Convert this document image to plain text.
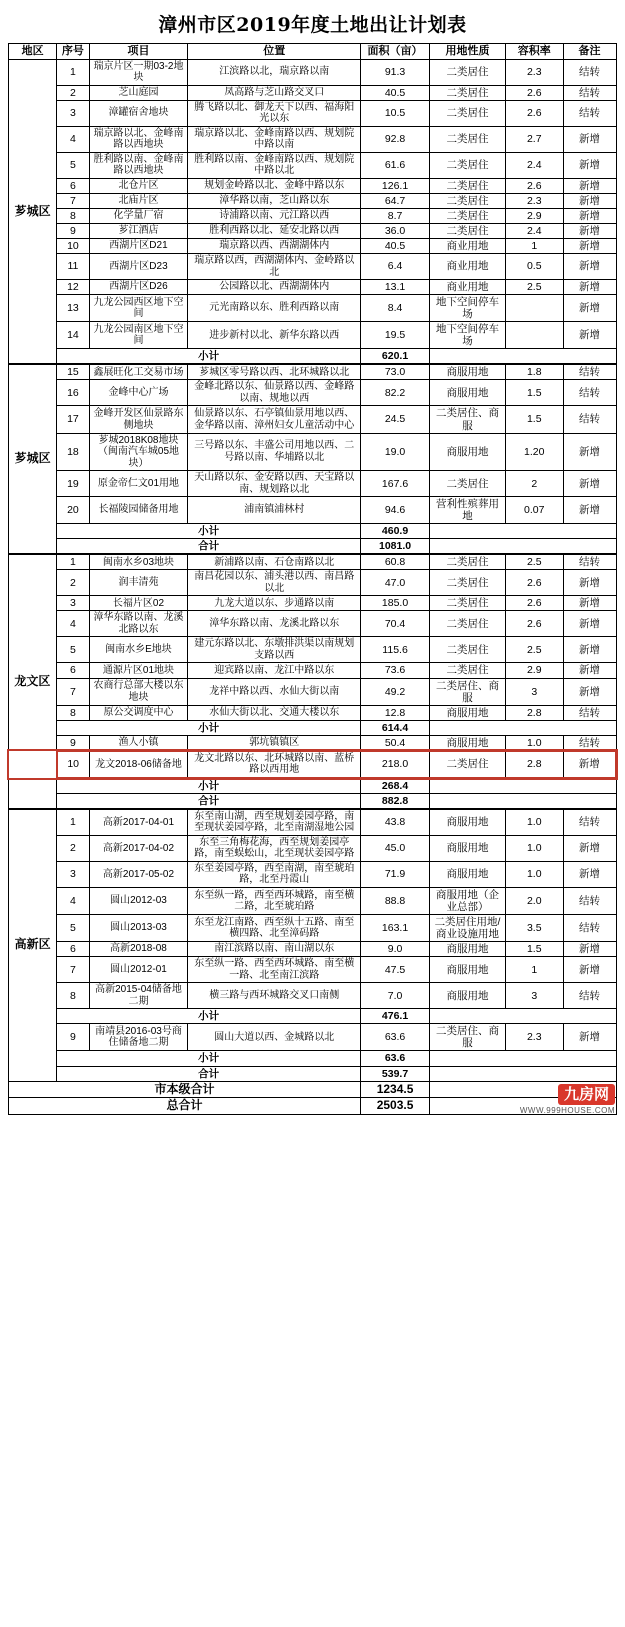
漳州市区2019年度土地出让计划表
地区	序号	项目	位置	面积（亩）	用地性质	容积率	备注
芗城区	1	瑞京片区一期03-2地块	江滨路以北，瑞京路以南	91.3	二类居住	2.3	结转
	2	芝山庭园	凤高路与芝山路交叉口	40.5	二类居住	2.6	结转
	3	漳罐宿舍地块	腾飞路以北、御龙天下以西、福海阳光以东	10.5	二类居住	2.6	结转
	4	瑞京路以北、金峰南路以西地块	瑞京路以北、金峰南路以西、规划院中路以南	92.8	二类居住	2.7	新增
	5	胜利路以南、金峰南路以西地块	胜利路以南、金峰南路以西、规划院中路以北	61.6	二类居住	2.4	新增
	6	北仓片区	规划金岭路以北、金峰中路以东	126.1	二类居住	2.6	新增
	7	北庙片区	漳华路以南，芝山路以东	64.7	二类居住	2.3	新增
	8	化学量厂宿	诗浦路以南、元江路以西	8.7	二类居住	2.9	新增
	9	芗江酒店	胜利西路以北、延安北路以西	36.0	二类居住	2.4	新增
	10	西湖片区D21	瑞京路以西、西湖湖体内	40.5	商业用地	1	新增
	11	西湖片区D23	瑞京路以西，西湖湖体内、金岭路以北	6.4	商业用地	0.5	新增
	12	西湖片区D26	公园路以北、西湖湖体内	13.1	商业用地	2.5	新增
	13	九龙公园西区地下空间	元光南路以东、胜利西路以南	8.4	地下空间停车场		新增
	14	九龙公园南区地下空间	进步新村以北、新华东路以西	19.5	地下空间停车场		新增
	小计			620.1			
芗城区	15	鑫展旺化工交易市场	芗城区零号路以西、北环城路以北	73.0	商服用地	1.8	结转
	16	金峰中心广场	金峰北路以东、仙景路以西、金峰路以南、规地以西	82.2	商服用地	1.5	结转
	17	金峰开发区仙景路东侧地块	仙景路以东、石亭镇仙景用地以西、金华路以南、漳州妇女儿童活动中心	24.5	二类居住、商服	1.5	结转
	18	芗城2018K08地块（闽南汽车城05地块）	三号路以东、丰盛公司用地以西、二号路以南、华埔路以北	19.0	商服用地	1.20	新增
	19	原金帝仁文01用地	天山路以东、金安路以西、天宝路以南、规划路以北	167.6	二类居住	2	新增
	20	长福陵园储备用地	浦南镇浦林村	94.6	营利性殡葬用地	0.07	新增
	小计			460.9			
	合计			1081.0			
龙文区	1	闽南水乡03地块	新浦路以南、石仓南路以北	60.8	二类居住	2.5	结转
	2	润丰清苑	南昌花园以东、浦头港以西、南昌路以北	47.0	二类居住	2.6	新增
	3	长福片区02	九龙大道以东、步通路以南	185.0	二类居住	2.6	新增
	4	漳华东路以南、龙溪北路以东	漳华东路以南、龙溪北路以东	70.4	二类居住	2.6	新增
	5	闽南水乡E地块	建元东路以北、东墩排洪渠以南规划支路以西	115.6	二类居住	2.5	新增
	6	通源片区01地块	迎宾路以南、龙江中路以东	73.6	二类居住	2.9	新增
	7	农商行总部大楼以东地块	龙祥中路以西、水仙大街以南	49.2	二类居住、商服	3	新增
	8	原公交调度中心	水仙大街以北、交通大楼以东	12.8	商服用地	2.8	结转
	小计			614.4			
	9	渔人小镇	郭坑镇镇区	50.4	商服用地	1.0	结转
	10	龙文2018-06储备地	龙文北路以东、北环城路以南、蓝桥路以西用地	218.0	二类居住	2.8	新增
	小计			268.4			
	合计			882.8			
高新区	1	高新2017-04-01	东至南山湖，西至规划姜园亭路，南至现状姜园亭路，北至南湖湿地公园	43.8	商服用地	1.0	结转
	2	高新2017-04-02	东至三角梅花海，西至规划姜园亭路，南至蜈蚣山，北至现状姜园亭路	45.0	商服用地	1.0	新增
	3	高新2017-05-02	东至姜园亭路，西至南湖，南至琥珀路，北至丹霞山	71.9	商服用地	1.0	新增
	4	圆山2012-03	东至纵一路，西至西环城路，南至横二路，北至琥珀路	88.8	商服用地（企业总部）	2.0	结转
	5	圆山2013-03	东至龙江南路、西至纵十五路、南至横四路、北至漳码路	163.1	二类居住用地/商业设施用地	3.5	结转
	6	高新2018-08	南江滨路以南、南山湖以东	9.0	商服用地	1.5	新增
	7	圆山2012-01	东至纵一路、西至西环城路、南至横一路、北至南江滨路	47.5	商服用地	1	新增
	8	高新2015-04储备地二期	横三路与西环城路交叉口南侧	7.0	商服用地	3	结转
	小计			476.1			
	9	南靖县2016-03号商住储备地二期	圆山大道以西、金城路以北	63.6	二类居住、商服	2.3	新增
	小计			63.6			
	合计			539.7			
市本级合计				1234.5			
总合计				2503.5			
九房网
WWW.999HOUSE.COM
